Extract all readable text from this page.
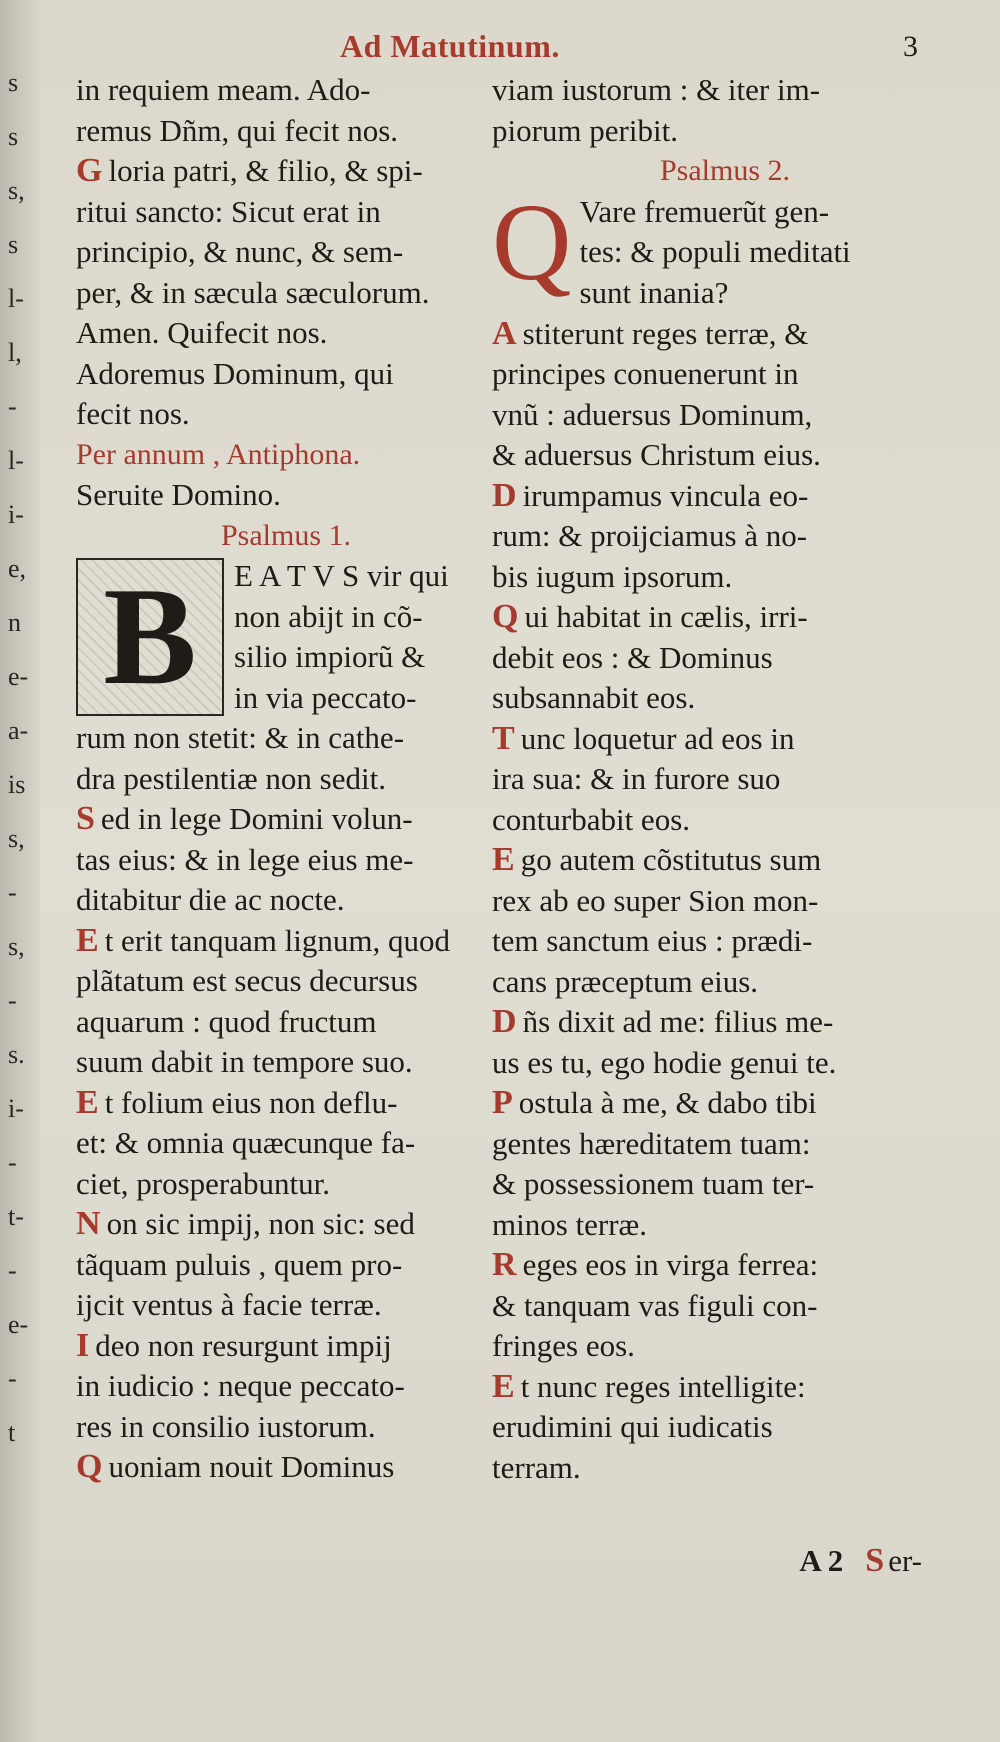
s
s
s,
s
l-
l,
-
l-
i-
e,
n
e-
a-
is
s,
-
s,
-
s.
i-
-
t-
-
e-
-
t
Ad Matutinum.	3
in requiem meam. Ado-
remus Dñm, qui fecit nos.
G loria patri, & filio, & spi-
ritui sancto: Sicut erat in
principio, & nunc, & sem-
per, & in sæcula sæculorum.
Amen. Quifecit nos.
Adoremus Dominum, qui
fecit nos.
Per annum , Antiphona.
Seruite Domino.
Psalmus 1.
B	E A T V S vir qui
non abijt in cõ-
silio impiorũ &
in via peccato-
rum non stetit: & in cathe-
dra pestilentiæ non sedit.
S ed in lege Domini volun-
tas eius: & in lege eius me-
ditabitur die ac nocte.
E t erit tanquam lignum, quod
plãtatum est secus decursus
aquarum : quod fructum
suum dabit in tempore suo.
E t folium eius non deflu-
et: & omnia quæcunque fa-
ciet, prosperabuntur.
N on sic impij, non sic: sed
tãquam puluis , quem pro-
ijcit ventus à facie terræ.
I deo non resurgunt impij
in iudicio : neque peccato-
res in consilio iustorum.
Q uoniam nouit Dominus
viam iustorum : & iter im-
piorum peribit.
Psalmus 2.
Q Vare fremuerũt gen-
tes: & populi meditati
sunt inania?
A stiterunt reges terræ, &
principes conuenerunt in
vnũ : aduersus Dominum,
& aduersus Christum eius.
D irumpamus vincula eo-
rum: & proijciamus à no-
bis iugum ipsorum.
Q ui habitat in cælis, irri-
debit eos : & Dominus
subsannabit eos.
T unc loquetur ad eos in
ira sua: & in furore suo
conturbabit eos.
E go autem cõstitutus sum
rex ab eo super Sion mon-
tem sanctum eius : prædi-
cans præceptum eius.
D ñs dixit ad me: filius me-
us es tu, ego hodie genui te.
P ostula à me, & dabo tibi
gentes hæreditatem tuam:
& possessionem tuam ter-
minos terræ.
R eges eos in virga ferrea:
& tanquam vas figuli con-
fringes eos.
E t nunc reges intelligite:
erudimini qui iudicatis
terram.
A 2 S er-
